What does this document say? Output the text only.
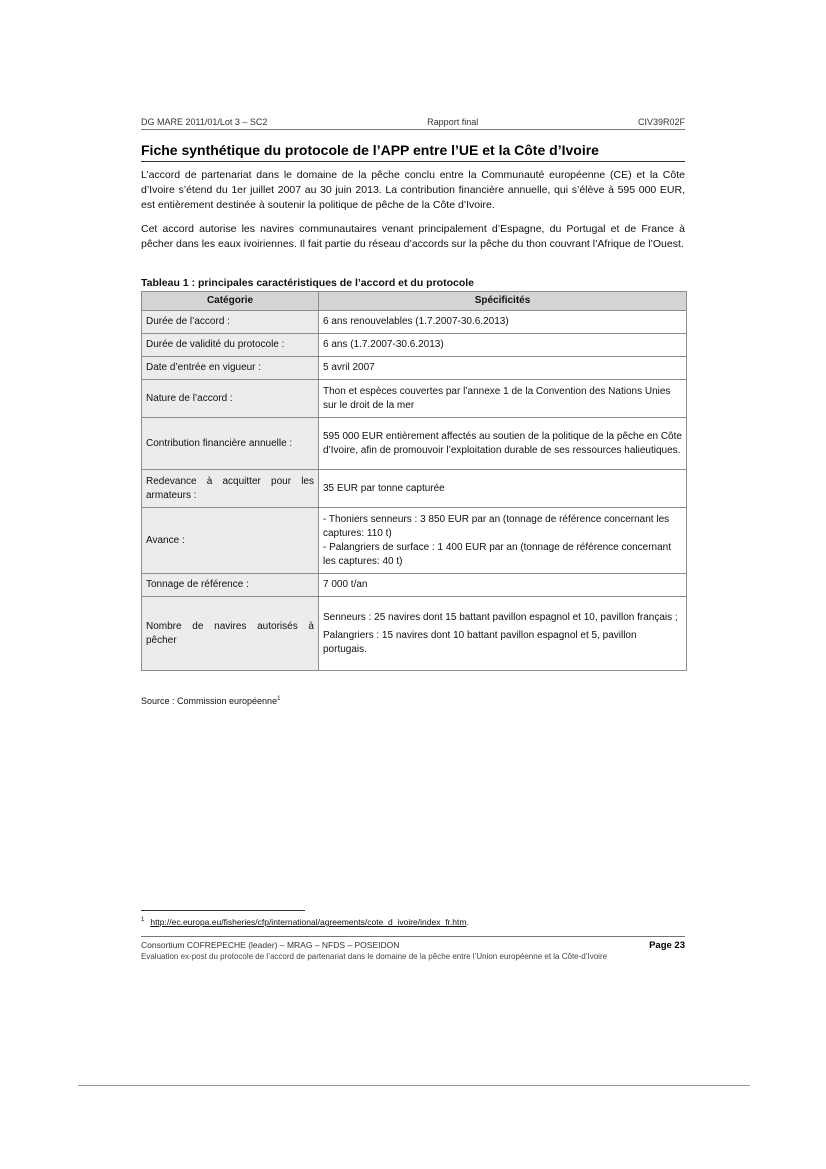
DG MARE 2011/01/Lot 3 – SC2	Rapport final	CIV39R02F
Fiche synthétique du protocole de l’APP entre l’UE et la Côte d’Ivoire

L’accord de partenariat dans le domaine de la pêche conclu entre la Communauté européenne (CE) et la Côte d’Ivoire s’étend du 1er juillet 2007 au 30 juin 2013. La contribution financière annuelle, qui s’élève à 595 000 EUR, est entièrement destinée à soutenir la politique de pêche de la Côte d’Ivoire.

Cet accord autorise les navires communautaires venant principalement d’Espagne, du Portugal et de France à pêcher dans les eaux ivoiriennes. Il fait partie du réseau d’accords sur la pêche du thon couvrant l’Afrique de l’Ouest.

Tableau 1 : principales caractéristiques de l’accord et du protocole
Catégorie	Spécificités
Durée de l’accord :	6 ans renouvelables (1.7.2007-30.6.2013)

Durée de validité du protocole :	6 ans (1.7.2007-30.6.2013)

Date d’entrée en vigueur :	5 avril 2007

Nature de l’accord :	Thon et espèces couvertes par l’annexe 1 de la Convention des Nations Unies sur le droit de la mer

Contribution financière annuelle :	595 000 EUR entièrement affectés au soutien de la politique de la pêche en Côte d’Ivoire, afin de promouvoir l’exploitation durable de ses ressources halieutiques.

Redevance à acquitter pour les armateurs :	35 EUR par tonne capturée

Avance :	- Thoniers senneurs : 3 850 EUR par an (tonnage de référence concernant les captures: 110 t)
- Palangriers de surface : 1 400 EUR par an (tonnage de référence concernant les captures: 40 t)

Tonnage de référence :	7 000 t/an

Nombre de navires autorisés à pêcher	Senneurs : 25 navires dont 15 battant pavillon espagnol et 10, pavillon français ;

Palangriers : 15 navires dont 10 battant pavillon espagnol et 5, pavillon portugais.

Source : Commission européenne$^1$
$^1$ http://ec.europa.eu/fisheries/cfp/international/agreements/cote_d_ivoire/index_fr.htm.
Consortium COFREPECHE (leader) – MRAG – NFDS – POSEIDON	Page 23
Evaluation ex-post du protocole de l’accord de partenariat dans le domaine de la pêche entre l’Union européenne et la Côte-d’Ivoire
